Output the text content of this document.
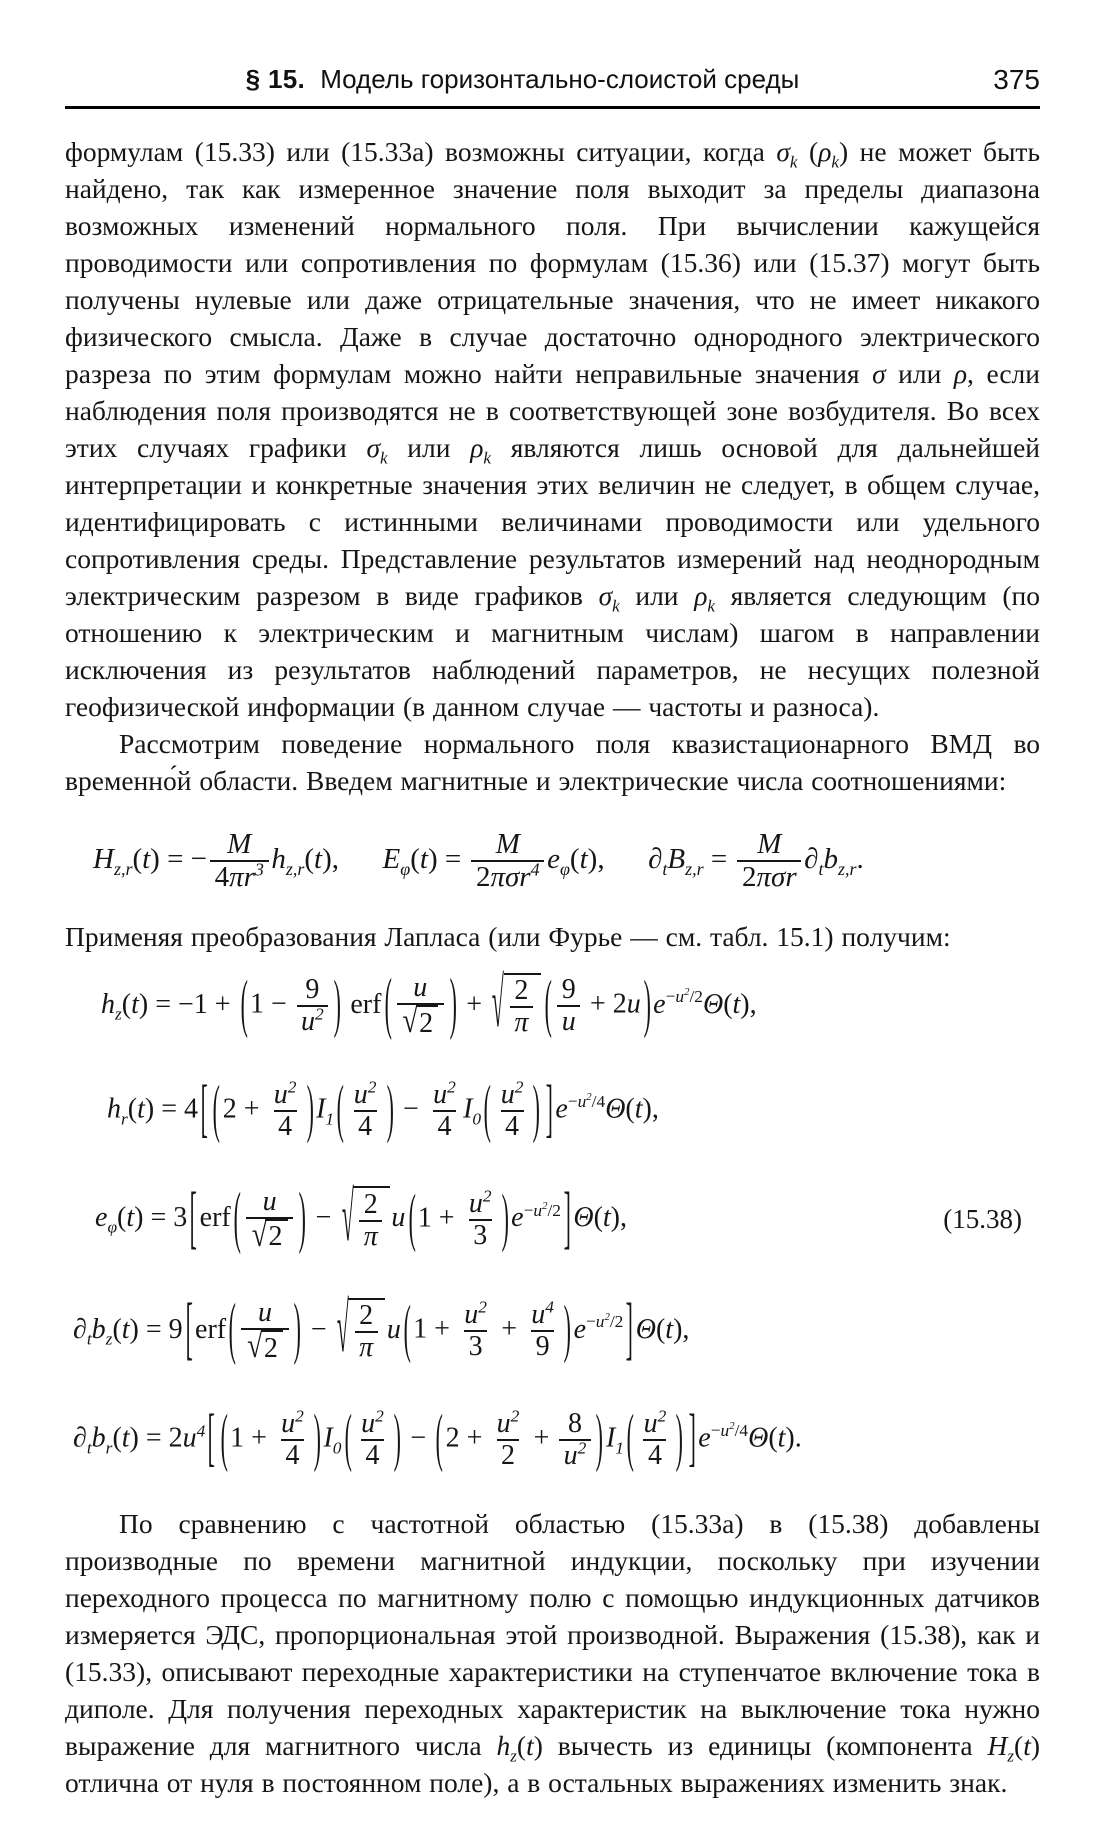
§ 15. Модель горизонтально-слоистой среды	375

формулам (15.33) или (15.33а) возможны ситуации, когда $\sigma_k$ $(\rho_k)$ не может быть найдено, так как измеренное значение поля выходит за пределы диапазона возможных изменений нормального поля. При вычислении кажущейся проводимости или сопротивления по формулам (15.36) или (15.37) могут быть получены нулевые или даже отрицательные значения, что не имеет никакого физического смысла. Даже в случае достаточно однородного электрического разреза по этим формулам можно найти неправильные значения σ или ρ, если наблюдения поля производятся не в соответствующей зоне возбудителя. Во всех этих случаях графики $\sigma_k$ или $\rho_k$ являются лишь основой для дальнейшей интерпретации и конкретные значения этих величин не следует, в общем случае, идентифицировать с истинными величинами проводимости или удельного сопротивления среды. Представление результатов измерений над неоднородным электрическим разрезом в виде графиков $\sigma_k$ или $\rho_k$ является следующим (по отношению к электрическим и магнитным числам) шагом в направлении исключения из результатов наблюдений параметров, не несущих полезной геофизической информации (в данном случае — частоты и разноса).

Рассмотрим поведение нормального поля квазистационарного ВМД во временно́й области. Введем магнитные и электрические числа соотношениями:

$H_{z,r}(t)$ = − $\frac{M}{4\pi r^3} h_{z,r}(t)$, $E_\varphi(t) = M$
2πσr$^4$ $e_\varphi(t)$, $\partial_tB_{z,r} = M$
2πσr
$\partial_tb_{z,r}$.

Применяя преобразования Лапласа (или Фурье — см. табл. 15.1) получим:

$h_z(t) = -1$ + ( $1 - \frac{9}{u^2}$ ) erf ( $\frac{u}{√ 2}$ ) + √ 2
π ( $\frac{9}{u} + 2u$ ) $e^{-u^2/2}\Theta(t)$,
$h_r(t) = 4$ [ ( $2 + \frac{u^2}{4}$ ) $I_1$ ( $\frac{u^2}{4}$ ) − $\frac{u^2}{4} I_0$ ( $\frac{u^2}{4}$ ) ] $e^{-u^2/4}\Theta(t)$,
(15.38)
$e_\varphi(t) = 3$ [ erf ( $\frac{u}{√ 2}$ ) − √ 2
π
u ( $1 + \frac{u^2}{3}$ ) $e^{-u^2/2}$ ] Θ(t),
$\partial_tb_z(t) = 9$ [ erf ( $\frac{u}{√ 2}$ ) − √ 2
π
u ( $1 + \frac{u^2}{3} + \frac{u^4}{9}$ ) $e^{-u^2/2}$ ] Θ(t),
$\partial_tb_r(t) = 2u^4$ [ ( $1 + \frac{u^2}{4}$ ) $I_0$ ( $\frac{u^2}{4}$ ) − ( $2 + \frac{u^2}{2} + \frac{8}{u^2}$ ) $I_1$ ( $\frac{u^2}{4}$ ) ] $e^{-u^2/4}\Theta(t)$.

По сравнению с частотной областью (15.33а) в (15.38) добавлены производные по времени магнитной индукции, поскольку при изучении переходного процесса по магнитному полю с помощью индукционных датчиков измеряется ЭДС, пропорциональная этой производной. Выражения (15.38), как и (15.33), описывают переходные характеристики на ступенчатое включение тока в диполе. Для получения переходных характеристик на выключение тока нужно выражение для магнитного числа $h_z(t)$ вычесть из единицы (компонента $H_z(t)$ отлична от нуля в постоянном поле), а в остальных выражениях изменить знак.
